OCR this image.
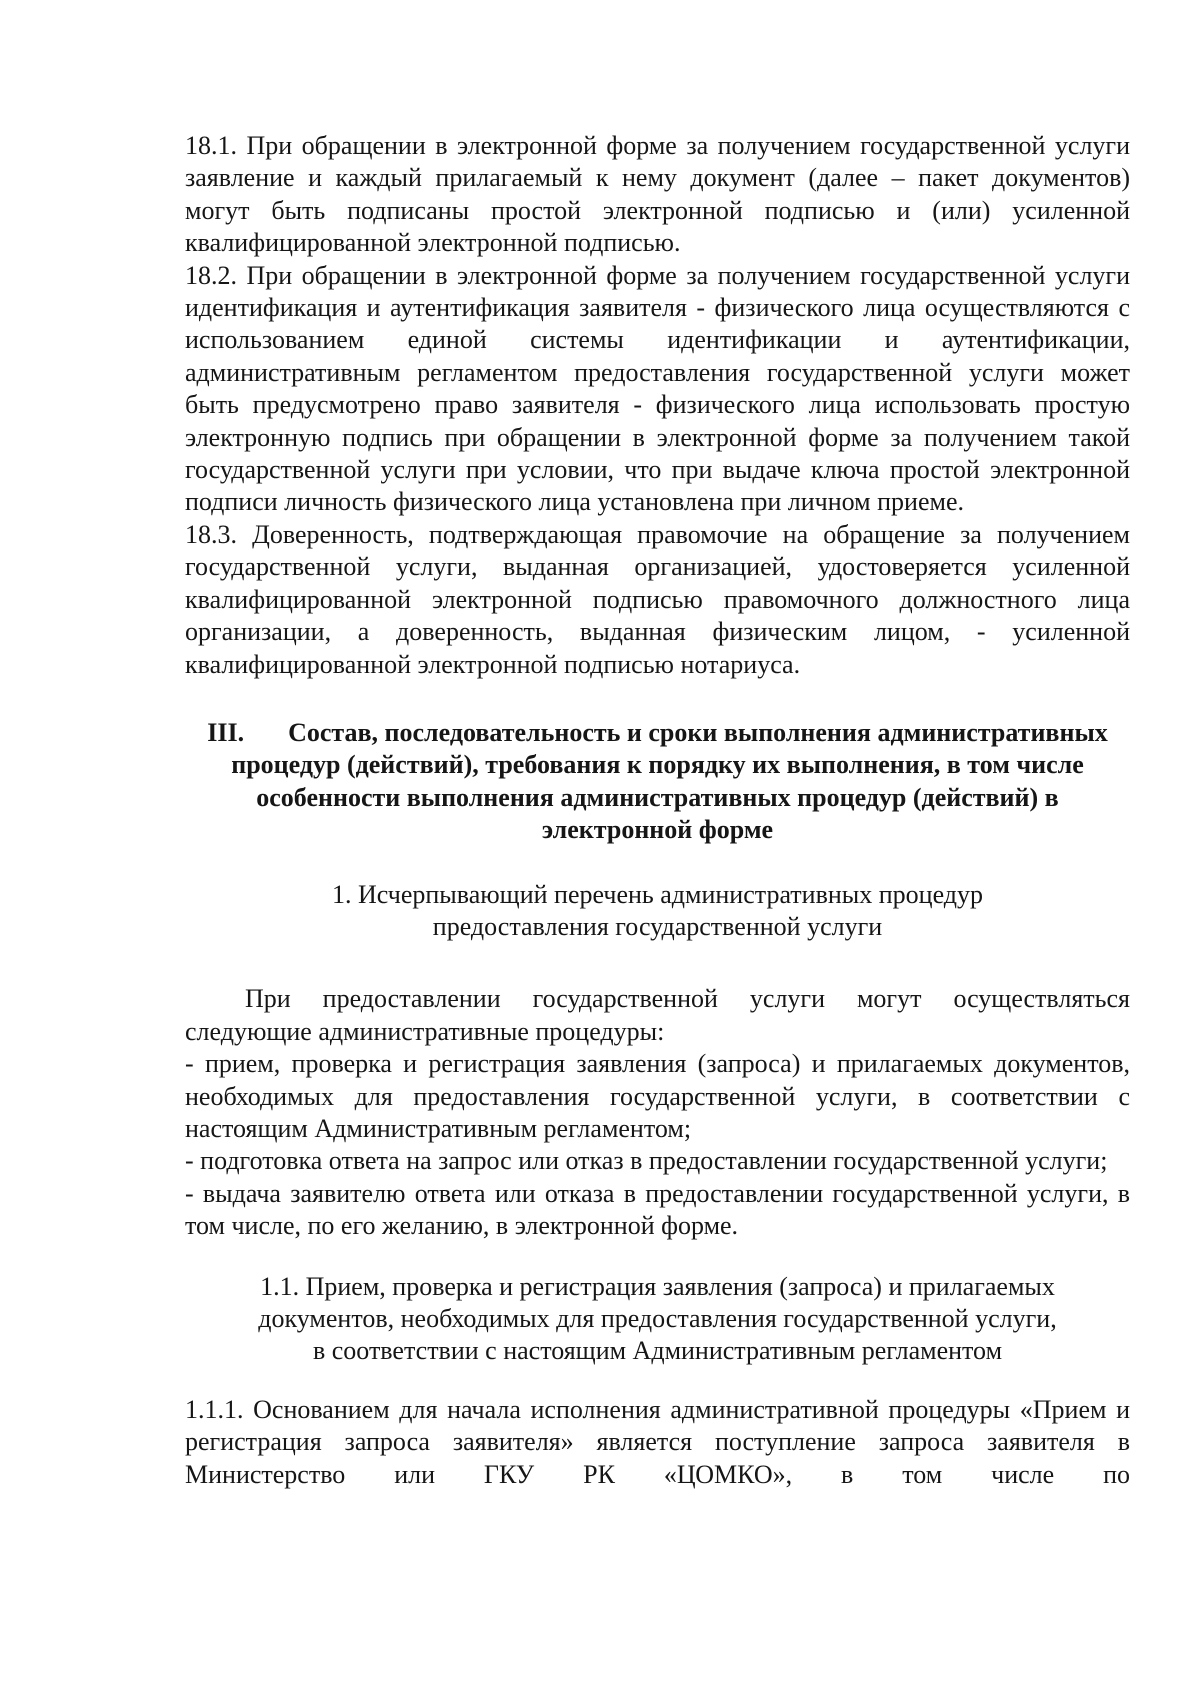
18.1. При обращении в электронной форме за получением государственной услуги заявление и каждый прилагаемый к нему документ (далее – пакет документов) могут быть подписаны простой электронной подписью и (или) усиленной квалифицированной электронной подписью.

18.2. При обращении в электронной форме за получением государственной услуги идентификация и аутентификация заявителя - физического лица осуществляются с использованием единой системы идентификации и аутентификации, административным регламентом предоставления государственной услуги может быть предусмотрено право заявителя - физического лица использовать простую электронную подпись при обращении в электронной форме за получением такой государственной услуги при условии, что при выдаче ключа простой электронной подписи личность физического лица установлена при личном приеме.

18.3. Доверенность, подтверждающая правомочие на обращение за получением государственной услуги, выданная организацией, удостоверяется усиленной квалифицированной электронной подписью правомочного должностного лица организации, а доверенность, выданная физическим лицом, - усиленной квалифицированной электронной подписью нотариуса.

III. Состав, последовательность и сроки выполнения административных процедур (действий), требования к порядку их выполнения, в том числе особенности выполнения административных процедур (действий) в электронной форме
1. Исчерпывающий перечень административных процедур
предоставления государственной услуги

При предоставлении государственной услуги могут осуществляться следующие административные процедуры:

- прием, проверка и регистрация заявления (запроса) и прилагаемых документов, необходимых для предоставления государственной услуги, в соответствии с настоящим Административным регламентом;

- подготовка ответа на запрос или отказ в предоставлении государственной услуги;

- выдача заявителю ответа или отказа в предоставлении государственной услуги, в том числе, по его желанию, в электронной форме.

1.1. Прием, проверка и регистрация заявления (запроса) и прилагаемых
документов, необходимых для предоставления государственной услуги,
в соответствии с настоящим Административным регламентом

1.1.1. Основанием для начала исполнения административной процедуры «Прием и регистрация запроса заявителя» является поступление запроса заявителя в Министерство или ГКУ РК «ЦОМКО», в том числе по
